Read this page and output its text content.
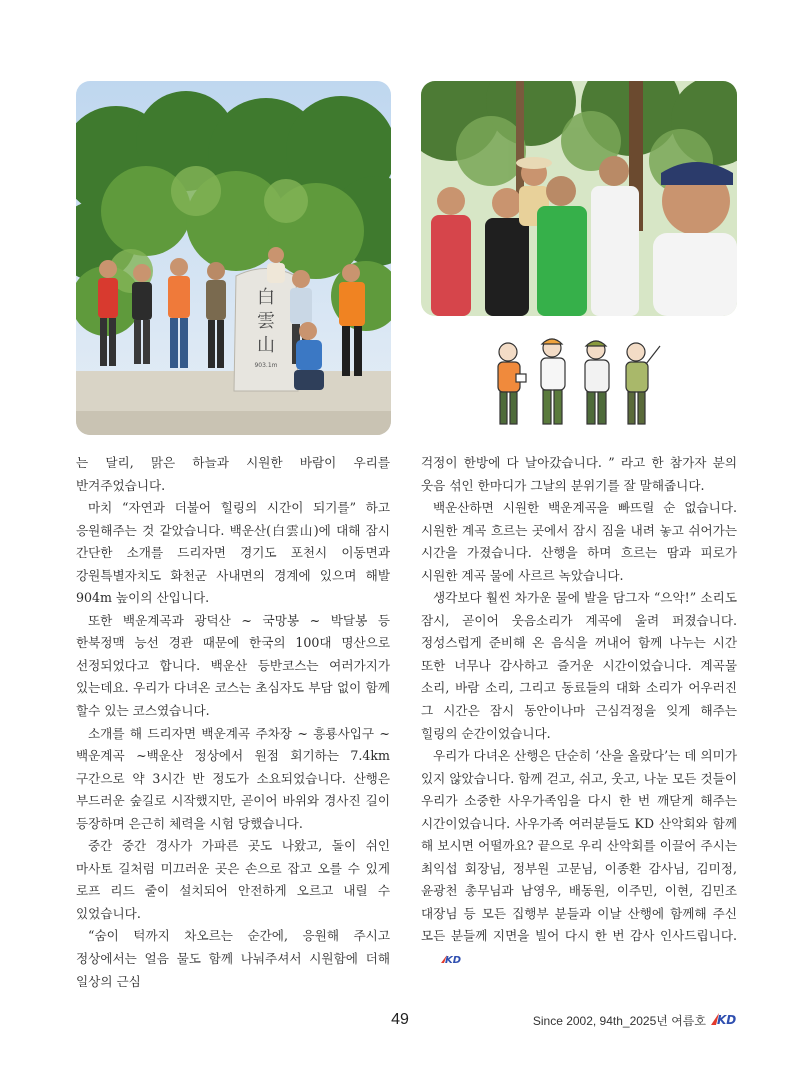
白
雲
山
903.1m

는 달리, 맑은 하늘과 시원한 바람이 우리를 반겨주었습니다.

마치 “자연과 더불어 힐링의 시간이 되기를” 하고 응원해주는 것 같았습니다. 백운산(白雲山)에 대해 잠시 간단한 소개를 드리자면 경기도 포천시 이동면과 강원특별자치도 화천군 사내면의 경계에 있으며 해발 904m 높이의 산입니다.

또한 백운계곡과 광덕산 ~ 국망봉 ~ 박달봉 등 한북정맥 능선 경관 때문에 한국의 100대 명산으로 선정되었다고 합니다. 백운산 등반코스는 여러가지가 있는데요. 우리가 다녀온 코스는 초심자도 부담 없이 함께 할수 있는 코스였습니다.

소개를 해 드리자면 백운계곡 주차장 ~ 흥룡사입구 ~ 백운계곡 ~백운산 정상에서 원점 회기하는 7.4km 구간으로 약 3시간 반 정도가 소요되었습니다. 산행은 부드러운 숲길로 시작했지만, 곧이어 바위와 경사진 길이 등장하며 은근히 체력을 시험 당했습니다.

중간 중간 경사가 가파른 곳도 나왔고, 돌이 쉬인 마사토 길처럼 미끄러운 곳은 손으로 잡고 오를 수 있게 로프 리드 줄이 설치되어 안전하게 오르고 내릴 수 있었습니다.

“숨이 턱까지 차오르는 순간에, 응원해 주시고 정상에서는 얼음 물도 함께 나눠주셔서 시원함에 더해 일상의 근심

걱정이 한방에 다 날아갔습니다. ” 라고 한 참가자 분의 웃음 섞인 한마디가 그날의 분위기를 잘 말해줍니다.

백운산하면 시원한 백운계곡을 빠뜨릴 순 없습니다. 시원한 계곡 흐르는 곳에서 잠시 짐을 내려 놓고 쉬어가는 시간을 가졌습니다. 산행을 하며 흐르는 땀과 피로가 시원한 계곡 물에 사르르 녹았습니다.

생각보다 훨씬 차가운 물에 발을 담그자 “으악!” 소리도 잠시, 곧이어 웃음소리가 계곡에 울려 퍼졌습니다. 정성스럽게 준비해 온 음식을 꺼내어 함께 나누는 시간 또한 너무나 감사하고 즐거운 시간이었습니다. 계곡물 소리, 바람 소리, 그리고 동료들의 대화 소리가 어우러진 그 시간은 잠시 동안이나마 근심걱정을 잊게 해주는 힐링의 순간이었습니다.

우리가 다녀온 산행은 단순히 ‘산을 올랐다’는 데 의미가 있지 않았습니다. 함께 걷고, 쉬고, 웃고, 나눈 모든 것들이 우리가 소중한 사우가족임을 다시 한 번 깨닫게 해주는 시간이었습니다. 사우가족 여러분들도 KD 산악회와 함께 해 보시면 어떨까요? 끝으로 우리 산악회를 이끌어 주시는 최익섭 회장님, 정부원 고문님, 이종환 감사님, 김미정, 윤광천 총무님과 남영우, 배동원, 이주민, 이현, 김민조 대장님 등 모든 집행부 분들과 이날 산행에 함께해 주신 모든 분들께 지면을 빌어 다시 한 번 감사 인사드립니다.
KD

49	Since 2002, 94th_2025년 여름호 KD
